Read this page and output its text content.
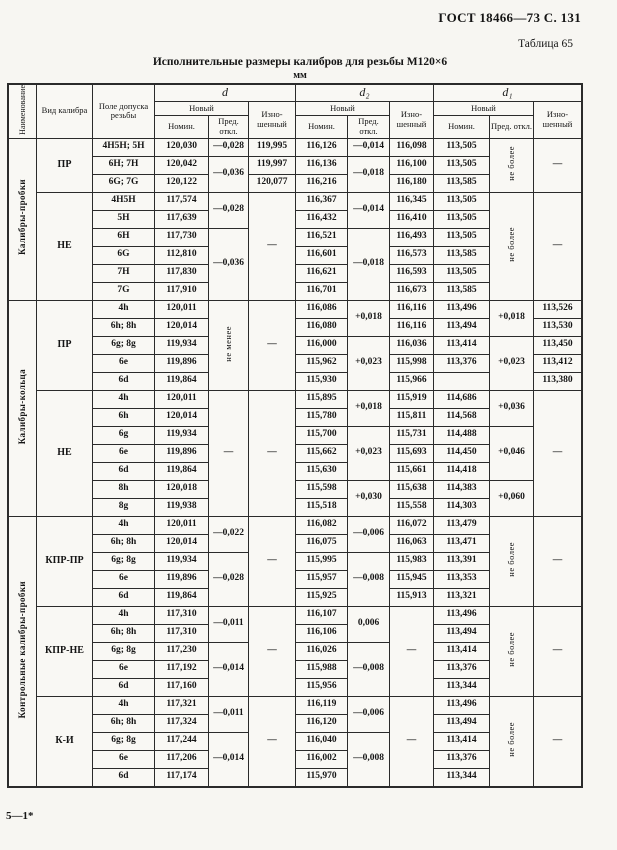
ГОСТ 18466—73 С. 131
Таблица 65
Исполнительные размеры калибров для резьбы М120×6
мм
Наименование	Вид калибра	Поле допуска резьбы	d			d₂			d₁		
			Новый		Изно-шенный	Новый		Изно-шенный	Новый		Изно-шенный
			Номин.	Пред. откл.		Номин.	Пред. откл.		Номин.	Пред. откл.	
Калибры-пробки	ПР	4H5H; 5H	120,030	—0,028	119,995	116,126	—0,014	116,098	113,505	не более	—
		6H; 7H	120,042	—0,036	119,997	116,136	—0,018	116,100	113,505		
		6G; 7G	120,122		120,077	116,216		116,180	113,585		
	НЕ	4H5H	117,574	—0,028	—	116,367	—0,014	116,345	113,505	не более	—
		5H	117,639			116,432		116,410	113,505		
		6H	117,730	—0,036		116,521	—0,018	116,493	113,505		
		6G	112,810			116,601		116,573	113,585		
		7H	117,830			116,621		116,593	113,505		
		7G	117,910			116,701		116,673	113,585		
Калибры-кольца	ПР	4h	120,011	не менее	—	116,086	+0,018	116,116	113,496	+0,018	113,526
		6h; 8h	120,014			116,080		116,116	113,494		113,530
		6g; 8g	119,934			116,000	+0,023	116,036	113,414	+0,023	113,450
		6e	119,896			115,962		115,998	113,376		113,412
		6d	119,864			115,930		115,966			113,380
	НЕ	4h	120,011	—	—	115,895	+0,018	115,919	114,686	+0,036	—
		6h	120,014			115,780		115,811	114,568		
		6g	119,934			115,700	+0,023	115,731	114,488	+0,046	
		6e	119,896			115,662		115,693	114,450		
		6d	119,864			115,630		115,661	114,418		
		8h	120,018			115,598	+0,030	115,638	114,383	+0,060	
		8g	119,938			115,518		115,558	114,303		
Контрольные калибры-пробки	КПР-ПР	4h	120,011	—0,022	—	116,082	—0,006	116,072	113,479	не более	—
		6h; 8h	120,014			116,075		116,063	113,471		
		6g; 8g	119,934	—0,028		115,995	—0,008	115,983	113,391		
		6e	119,896			115,957		115,945	113,353		
		6d	119,864			115,925		115,913	113,321		
	КПР-НЕ	4h	117,310	—0,011	—	116,107	0,006	—	113,496	не более	—
		6h; 8h	117,310			116,106			113,494		
		6g; 8g	117,230	—0,014		116,026	—0,008		113,414		
		6e	117,192			115,988			113,376		
		6d	117,160			115,956			113,344		
	К-И	4h	117,321	—0,011	—	116,119	—0,006	—	113,496	не более	—
		6h; 8h	117,324			116,120			113,494		
		6g; 8g	117,244	—0,014		116,040	—0,008		113,414		
		6e	117,206			116,002			113,376		
		6d	117,174			115,970			113,344		
5—1*
